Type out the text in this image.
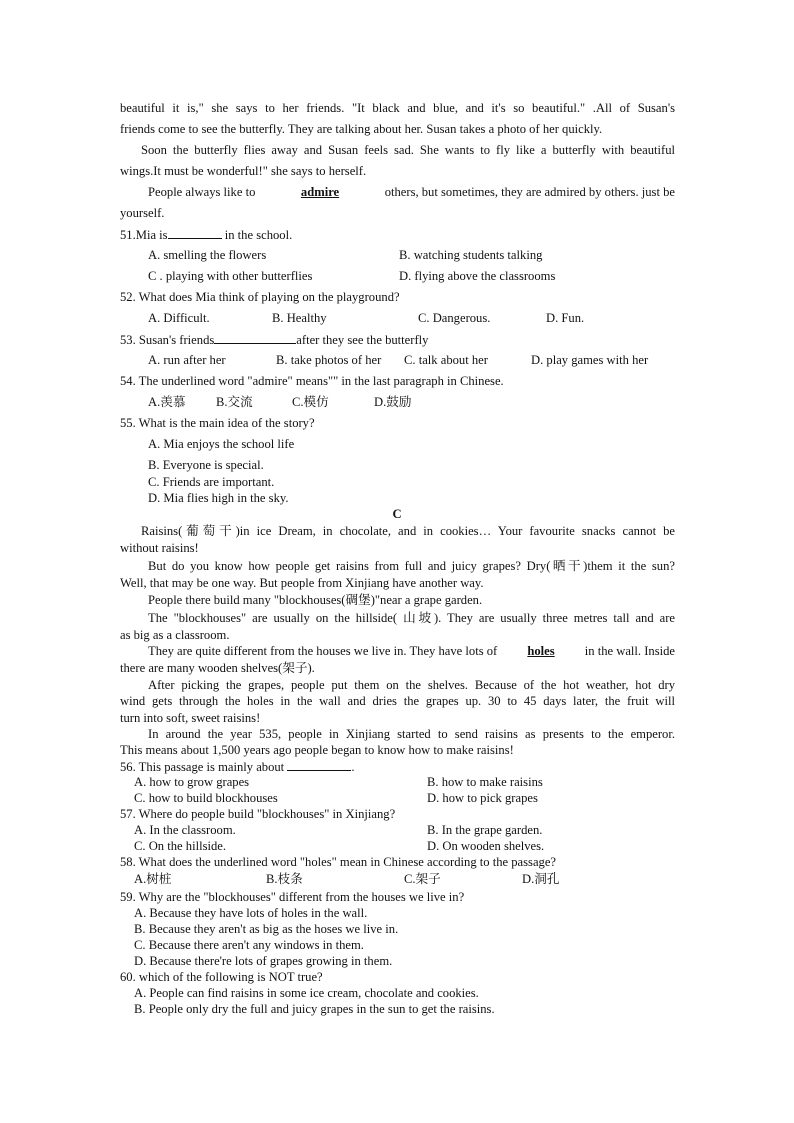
beautiful it is," she says to her friends. "It black and blue, and it's so beautiful." .All of Susan's
friends come to see the butterfly. They are talking about her. Susan takes a photo of her quickly.
Soon the butterfly flies away and Susan feels sad. She wants to fly like a butterfly with beautiful
wings.It must be wonderful!" she says to herself.
People always like to	admire	others, but sometimes, they are admired by others. just be
yourself.
51.Mia is	in the school.
A. smelling the flowers	B. watching students talking
C . playing with other butterflies	D. flying above the classrooms
52. What does Mia think of playing on the playground?
A. Difficult.	B. Healthy	C. Dangerous.	D. Fun.
53. Susan's friends	after they see the butterfly
A. run after her	B. take photos of her C. talk about her	D. play games with her
54. The underlined word "admire" means"" in the last paragraph in Chinese.
A.羡慕 B.交流	C.模仿	D.鼓励
55. What is the main idea of the story?
A. Mia enjoys the school life
B. Everyone is special.
C. Friends are important.
D. Mia flies high in the sky.
C
Raisins(葡萄干)in ice Dream, in chocolate, and in cookies… Your favourite snacks cannot be
without raisins!
But do you know how people get raisins from full and juicy grapes? Dry(晒干)them it the sun?
Well, that may be one way. But people from Xinjiang have another way.
People there build many "blockhouses(碉堡)"near a grape garden.
The "blockhouses" are usually on the hillside( 山坡). They are usually three metres tall and are
as big as a classroom.
They are quite different from the houses we live in. They have lots of holes in the wall. Inside
there are many wooden shelves(架子).
After picking the grapes, people put them on the shelves. Because of the hot weather, hot dry
wind gets through the holes in the wall and dries the grapes up. 30 to 45 days later, the fruit will
turn into soft, sweet raisins!
In around the year 535, people in Xinjiang started to send raisins as presents to the emperor.
This means about 1,500 years ago people began to know how to make raisins!
56. This passage is mainly about	.
A. how to grow grapes	B. how to make raisins
C. how to build blockhouses	D. how to pick grapes
57. Where do people build "blockhouses" in Xinjiang?
A. In the classroom.	B. In the grape garden.
C. On the hillside.	D. On wooden shelves.
58. What does the underlined word "holes" mean in Chinese according to the passage?
A.树桩	B.枝条	C.架子	D.洞孔
59. Why are the "blockhouses" different from the houses we live in?
A. Because they have lots of holes in the wall.
B. Because they aren't as big as the hoses we live in.
C. Because there aren't any windows in them.
D. Because there're lots of grapes growing in them.
60. which of the following is NOT true?
A. People can find raisins in some ice cream, chocolate and cookies.
B. People only dry the full and juicy grapes in the sun to get the raisins.
